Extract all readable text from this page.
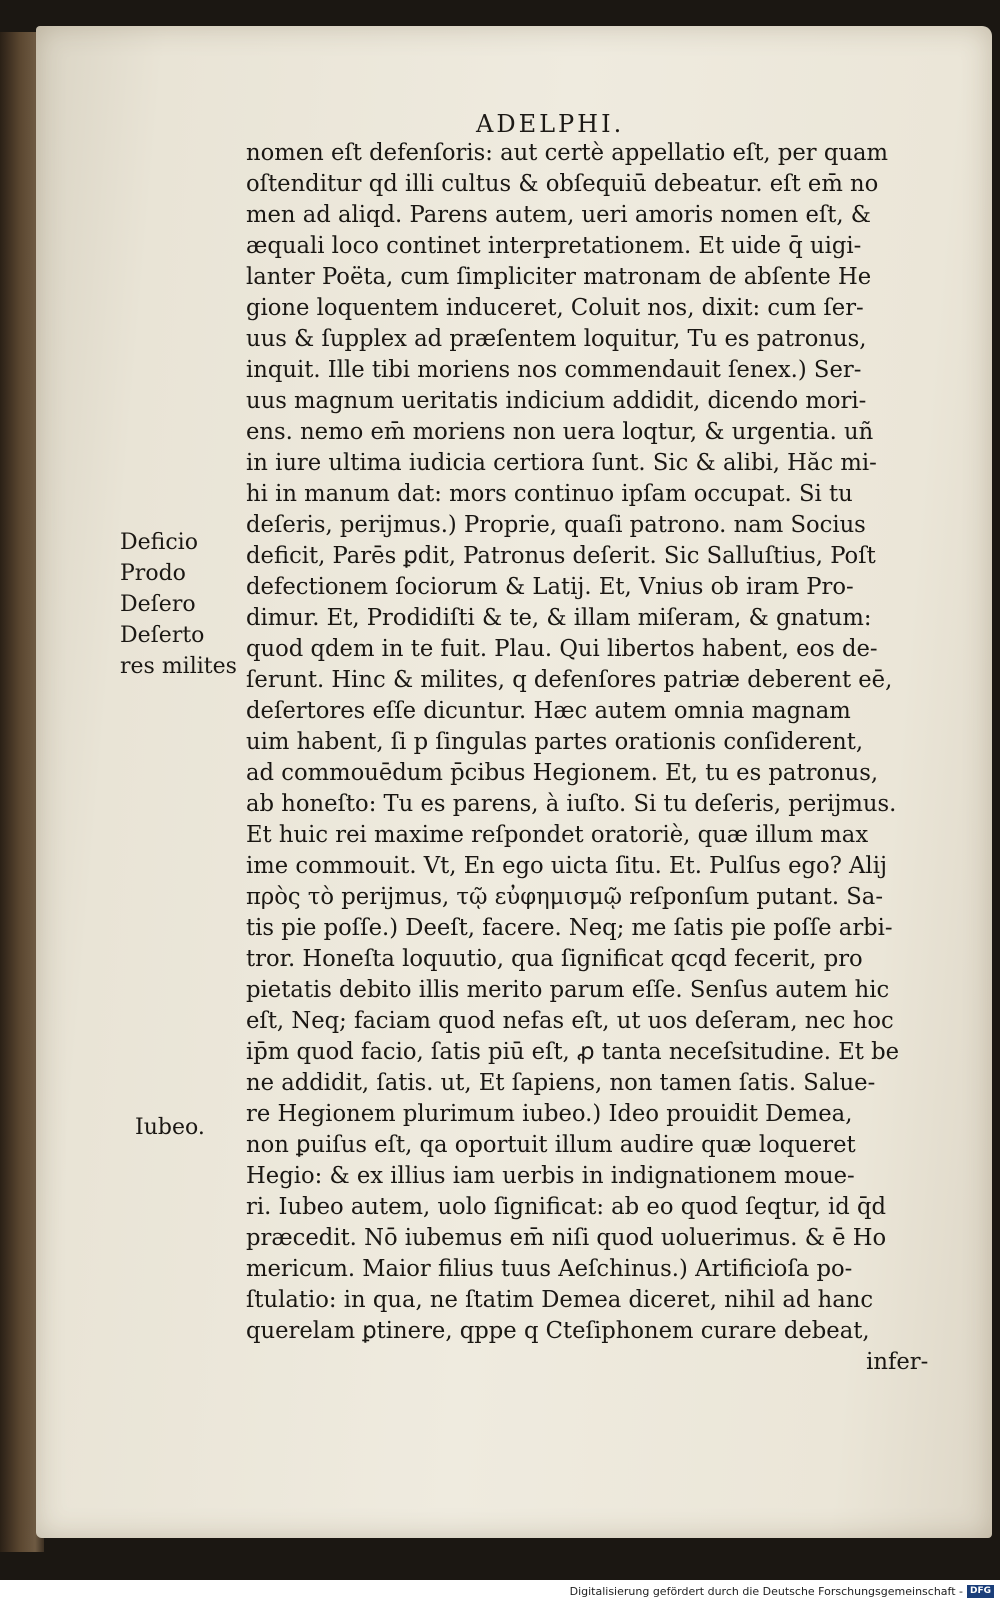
ADELPHI.

nomen eſt defenſoris: aut certè appellatio eſt, per quam
oſtenditur qd illi cultus & obſequiū debeatur. eſt em̄ no
men ad aliqd. Parens autem, ueri amoris nomen eſt, &
æquali loco continet interpretationem. Et uide q̄ uigi-
lanter Poëta, cum ſimpliciter matronam de abſente He
gione loquentem induceret, Coluit nos, dixit: cum ſer-
uus & ſupplex ad præſentem loquitur, Tu es patronus,
inquit. Ille tibi moriens nos commendauit ſenex.) Ser-
uus magnum ueritatis indicium addidit, dicendo mori-
ens. nemo em̄ moriens non uera loqtur, & urgentia. uñ
in iure ultima iudicia certiora ſunt. Sic & alibi, Hăc mi-
hi in manum dat: mors continuo ipſam occupat. Si tu
deſeris, perijmus.) Proprie, quaſi patrono. nam Socius
deficit, Parēs ꝑdit, Patronus deſerit. Sic Salluſtius, Poſt
defectionem ſociorum & Latij. Et, Vnius ob iram Pro-
dimur. Et, Prodidiſti & te, & illam miſeram, & gnatum:
quod qdem in te fuit. Plau. Qui libertos habent, eos de-
ſerunt. Hinc & milites, q defenſores patriæ deberent eē,
deſertores eſſe dicuntur. Hæc autem omnia magnam
uim habent, ſi p ſingulas partes orationis conſiderent,
ad commouēdum p̄cibus Hegionem. Et, tu es patronus,
ab honeſto: Tu es parens, à iuſto. Si tu deſeris, perijmus.
Et huic rei maxime reſpondet oratoriè, quæ illum max
ime commouit. Vt, En ego uicta ſitu. Et. Pulſus ego? Alij
πρὸς τὸ perijmus, τῷ εὐφημισμῷ reſponſum putant. Sa-
tis pie poſſe.) Deeſt, facere. Neq; me ſatis pie poſſe arbi-
tror. Honeſta loquutio, qua ſignificat qcqd fecerit, pro
pietatis debito illis merito parum eſſe. Senſus autem hic
eſt, Neq; faciam quod nefas eſt, ut uos deſeram, nec hoc
ip̄m quod facio, ſatis piū eſt, ꝓ tanta neceſsitudine. Et be
ne addidit, ſatis. ut, Et ſapiens, non tamen ſatis. Salue-
re Hegionem plurimum iubeo.) Ideo prouidit Demea,
non ꝑuiſus eſt, qa oportuit illum audire quæ loqueret
Hegio: & ex illius iam uerbis in indignationem moue-
ri. Iubeo autem, uolo ſignificat: ab eo quod ſeqtur, id q̄d
præcedit. Nō iubemus em̄ niſi quod uoluerimus. & ē Ho
mericum. Maior filius tuus Aeſchinus.) Artificioſa po-
ſtulatio: in qua, ne ſtatim Demea diceret, nihil ad hanc
querelam ꝑtinere, qppe q Cteſiphonem curare debeat,
infer-

Deficio

Prodo

Deſero

Deſerto

res milites

Iubeo.

Digitalisierung gefördert durch die Deutsche Forschungsgemeinschaft - DFG
